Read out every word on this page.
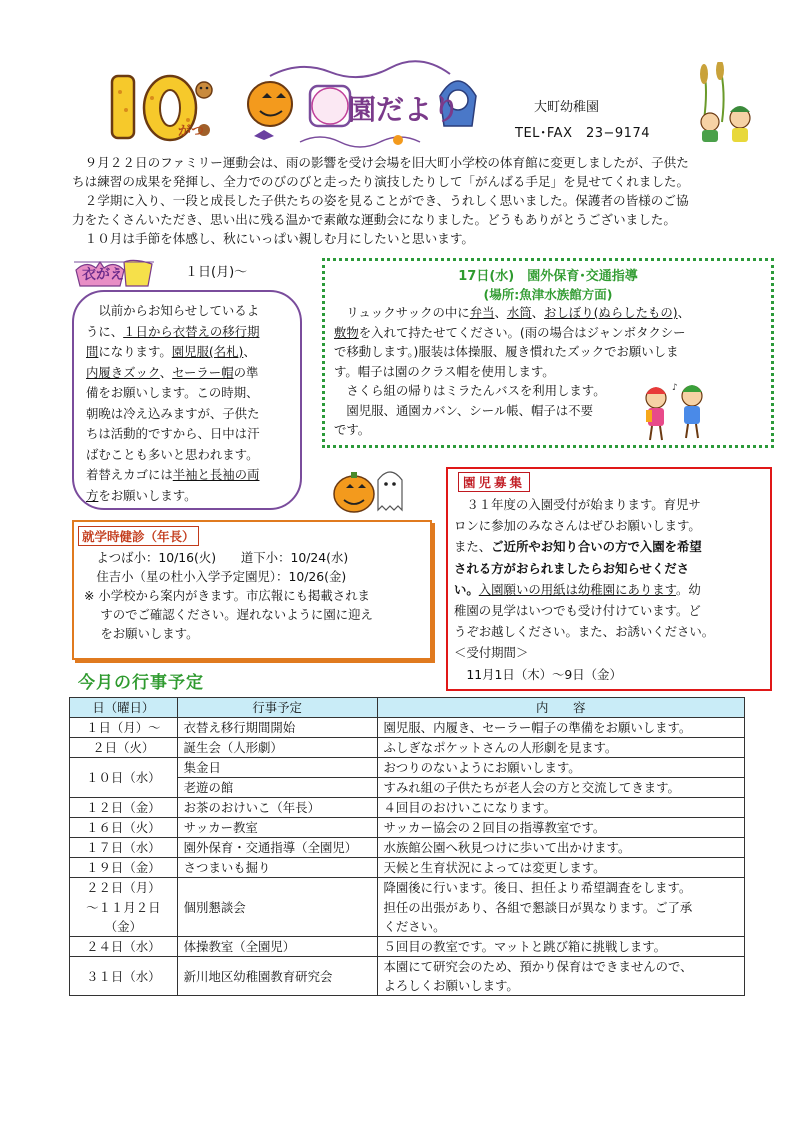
10
がつ
園だより	大町幼稚園
TEL･FAX　23−9174

　９月２２日のファミリー運動会は、雨の影響を受け会場を旧大町小学校の体育館に変更しましたが、子供た

ちは練習の成果を発揮し、全力でのびのびと走ったり演技したりして「がんばる手足」を見せてくれました。

　２学期に入り、一段と成長した子供たちの姿を見ることができ、うれしく思いました。保護者の皆様のご協

力をたくさんいただき、思い出に残る温かで素敵な運動会になりました。どうもありがとうございました。

　１０月は手節を体感し、秋にいっぱい親しむ月にしたいと思います。

衣がえ	１日(月)～

　以前からお知らせしているよ

うに、１日から衣替えの移行期

間になります。園児服(名札)、

内履きズック、セーラー帽の準

備をお願いします。この時期、

朝晩は冷え込みますが、子供た

ちは活動的ですから、日中は汗

ばむことも多いと思われます。

着替えカゴには半袖と長袖の両

方をお願いします。

17日(水)　園外保育･交通指導
(場所:魚津水族館方面)

　リュックサックの中に弁当、水筒、おしぼり(ぬらしたもの)、

敷物を入れて持たせてください。(雨の場合はジャンボタクシー

で移動します。)服装は体操服、履き慣れたズックでお願いしま

す。帽子は園のクラス帽を使用します。

　さくら組の帰りはミラたんバスを利用します。

　園児服、通園カバン、シール帳、帽子は不要

です。

♪
就学時健診（年長）

　よつば小：10/16(火)　　道下小：10/24(水)

　住吉小（星の杜小入学予定園児）：10/26(金)

※ 小学校から案内がきます。市広報にも掲載されま

　 すのでご確認ください。遅れないように園に迎え

　 をお願いします。

園児募集

　３１年度の入園受付が始まります。育児サ

ロンに参加のみなさんはぜひお願いします。

また、ご近所やお知り合いの方で入園を希望

される方がおられましたらお知らせくださ

い。入園願いの用紙は幼稚園にあります。幼

稚園の見学はいつでも受け付けています。ど

うぞお越しください。また、お誘いください。

＜受付期間＞

　11月1日（木）～9日（金）

今月の行事予定
日（曜日）	行事予定	内　　容
１日（月）～	衣替え移行期間開始	園児服、内履き、セーラー帽子の準備をお願いします。
２日（火）	誕生会（人形劇）	ふしぎなポケットさんの人形劇を見ます。
１０日（水）	集金日	おつりのないようにお願いします。
	老遊の館	すみれ組の子供たちが老人会の方と交流してきます。
１２日（金）	お茶のおけいこ（年長）	４回目のおけいこになります。
１６日（火）	サッカー教室	サッカー協会の２回目の指導教室です。
１７日（水）	園外保育・交通指導（全園児）	水族館公園へ秋見つけに歩いて出かけます。
１９日（金）	さつまいも掘り	天候と生育状況によっては変更します。
２２日（月）	個別懇談会	降園後に行います。後日、担任より希望調査をします。
～１１月２日		担任の出張があり、各組で懇談日が異なります。ご了承
（金）		ください。
２４日（水）	体操教室（全園児）	５回目の教室です。マットと跳び箱に挑戦します。
３１日（水）	新川地区幼稚園教育研究会	本園にて研究会のため、預かり保育はできませんので、
		よろしくお願いします。
